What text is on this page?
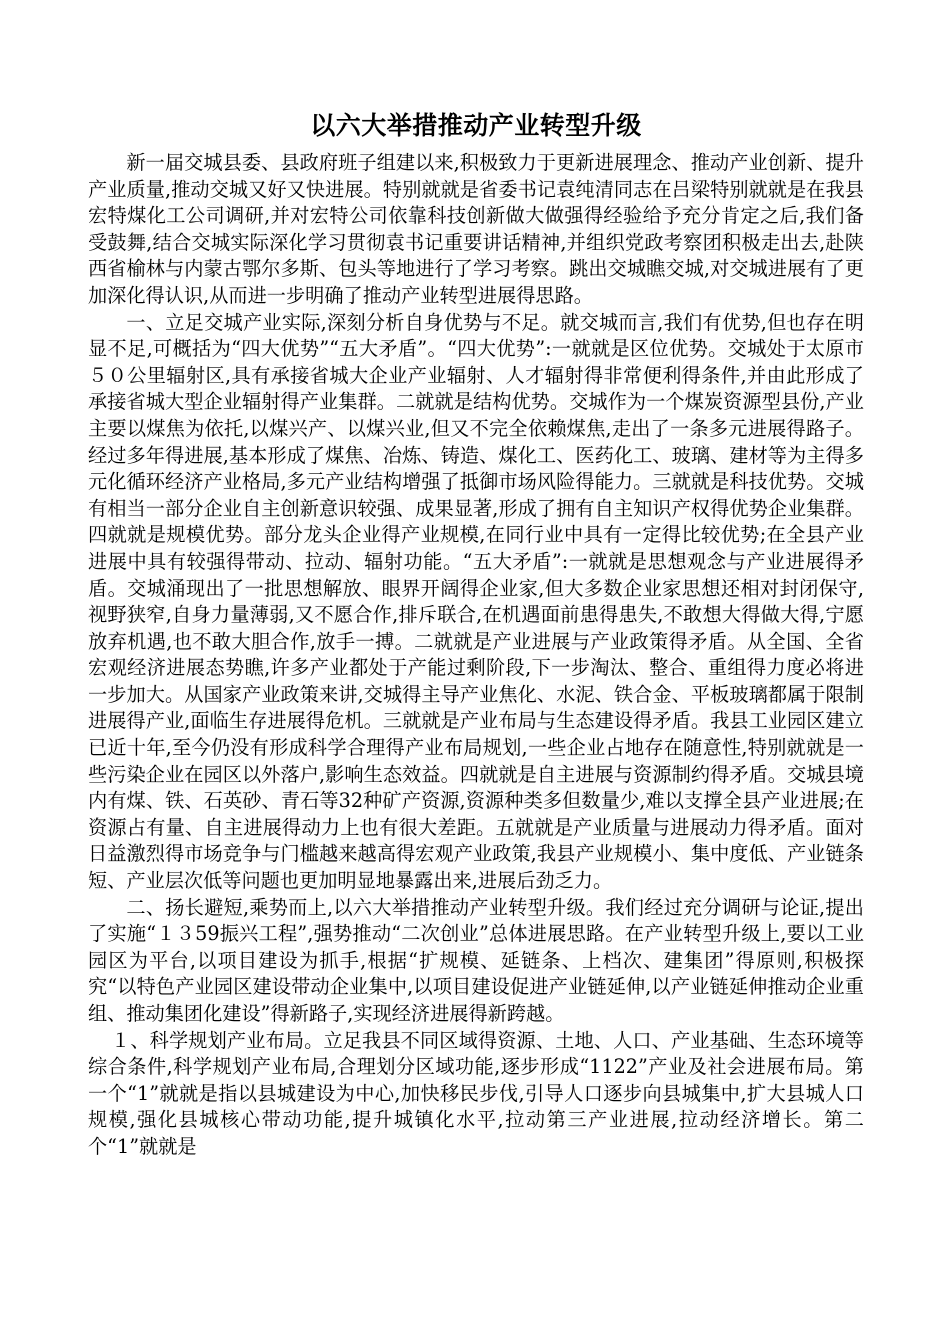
以六大举措推动产业转型升级

新一届交城县委、县政府班子组建以来,积极致力于更新进展理念、推动产业创新、提升产业质量,推动交城又好又快进展。特别就就是省委书记袁纯清同志在吕梁特别就就是在我县宏特煤化工公司调研,并对宏特公司依靠科技创新做大做强得经验给予充分肯定之后,我们备受鼓舞,结合交城实际深化学习贯彻袁书记重要讲话精神,并组织党政考察团积极走出去,赴陕西省榆林与内蒙古鄂尔多斯、包头等地进行了学习考察。跳出交城瞧交城,对交城进展有了更加深化得认识,从而进一步明确了推动产业转型进展得思路。

一、立足交城产业实际,深刻分析自身优势与不足。就交城而言,我们有优势,但也存在明显不足,可概括为“四大优势”“五大矛盾”。“四大优势”:一就就是区位优势。交城处于太原市５０公里辐射区,具有承接省城大企业产业辐射、人才辐射得非常便利得条件,并由此形成了承接省城大型企业辐射得产业集群。二就就是结构优势。交城作为一个煤炭资源型县份,产业主要以煤焦为依托,以煤兴产、以煤兴业,但又不完全依赖煤焦,走出了一条多元进展得路子。经过多年得进展,基本形成了煤焦、冶炼、铸造、煤化工、医药化工、玻璃、建材等为主得多元化循环经济产业格局,多元产业结构增强了抵御市场风险得能力。三就就是科技优势。交城有相当一部分企业自主创新意识较强、成果显著,形成了拥有自主知识产权得优势企业集群。四就就是规模优势。部分龙头企业得产业规模,在同行业中具有一定得比较优势;在全县产业进展中具有较强得带动、拉动、辐射功能。“五大矛盾”:一就就是思想观念与产业进展得矛盾。交城涌现出了一批思想解放、眼界开阔得企业家,但大多数企业家思想还相对封闭保守,视野狭窄,自身力量薄弱,又不愿合作,排斥联合,在机遇面前患得患失,不敢想大得做大得,宁愿放弃机遇,也不敢大胆合作,放手一搏。二就就是产业进展与产业政策得矛盾。从全国、全省宏观经济进展态势瞧,许多产业都处于产能过剩阶段,下一步淘汰、整合、重组得力度必将进一步加大。从国家产业政策来讲,交城得主导产业焦化、水泥、铁合金、平板玻璃都属于限制进展得产业,面临生存进展得危机。三就就是产业布局与生态建设得矛盾。我县工业园区建立已近十年,至今仍没有形成科学合理得产业布局规划,一些企业占地存在随意性,特别就就是一些污染企业在园区以外落户,影响生态效益。四就就是自主进展与资源制约得矛盾。交城县境内有煤、铁、石英砂、青石等32种矿产资源,资源种类多但数量少,难以支撑全县产业进展;在资源占有量、自主进展得动力上也有很大差距。五就就是产业质量与进展动力得矛盾。面对日益激烈得市场竞争与门槛越来越高得宏观产业政策,我县产业规模小、集中度低、产业链条短、产业层次低等问题也更加明显地暴露出来,进展后劲乏力。

二、扬长避短,乘势而上,以六大举措推动产业转型升级。我们经过充分调研与论证,提出了实施“１３59振兴工程”,强势推动“二次创业”总体进展思路。在产业转型升级上,要以工业园区为平台,以项目建设为抓手,根据“扩规模、延链条、上档次、建集团”得原则,积极探究“以特色产业园区建设带动企业集中,以项目建设促进产业链延伸,以产业链延伸推动企业重组、推动集团化建设”得新路子,实现经济进展得新跨越。

１、科学规划产业布局。立足我县不同区域得资源、土地、人口、产业基础、生态环境等综合条件,科学规划产业布局,合理划分区域功能,逐步形成“1122”产业及社会进展布局。第一个“1”就就是指以县城建设为中心,加快移民步伐,引导人口逐步向县城集中,扩大县城人口规模,强化县城核心带动功能,提升城镇化水平,拉动第三产业进展,拉动经济增长。第二个“1”就就是
